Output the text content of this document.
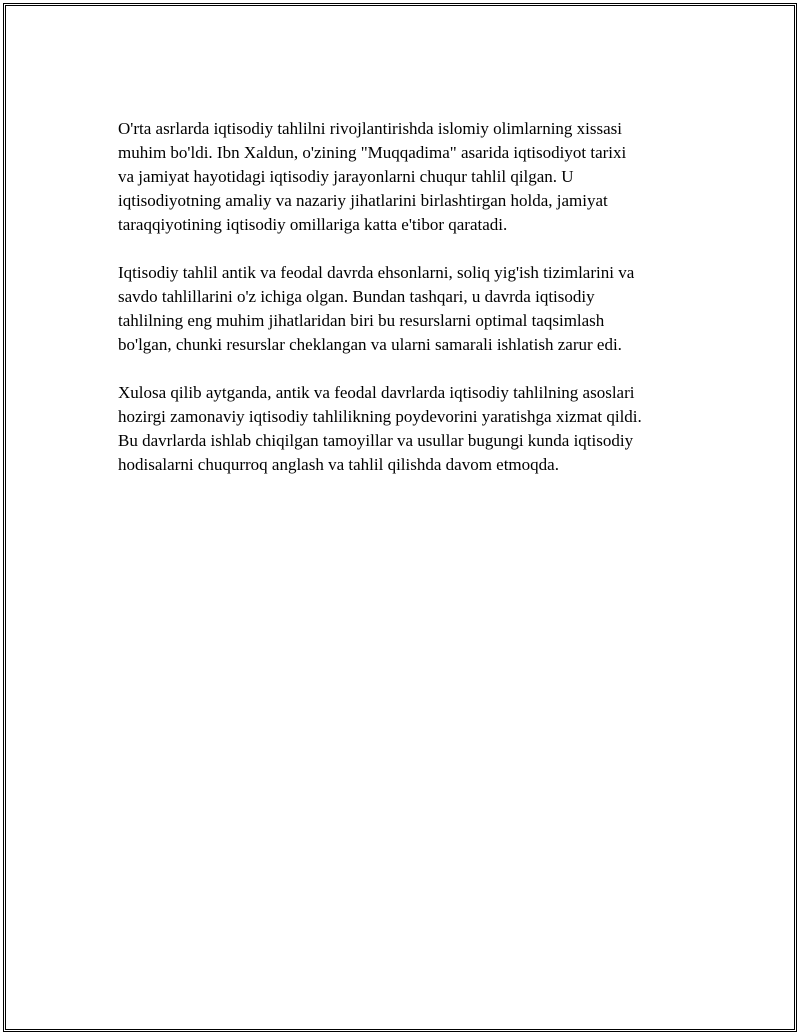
O'rta asrlarda iqtisodiy tahlilni rivojlantirishda islomiy olimlarning xissasi
muhim bo'ldi. Ibn Xaldun, o'zining "Muqqadima" asarida iqtisodiyot tarixi
va jamiyat hayotidagi iqtisodiy jarayonlarni chuqur tahlil qilgan. U
iqtisodiyotning amaliy va nazariy jihatlarini birlashtirgan holda, jamiyat
taraqqiyotining iqtisodiy omillariga katta e'tibor qaratadi.

Iqtisodiy tahlil antik va feodal davrda ehsonlarni, soliq yig'ish tizimlarini va
savdo tahlillarini o'z ichiga olgan. Bundan tashqari, u davrda iqtisodiy
tahlilning eng muhim jihatlaridan biri bu resurslarni optimal taqsimlash
bo'lgan, chunki resurslar cheklangan va ularni samarali ishlatish zarur edi.

Xulosa qilib aytganda, antik va feodal davrlarda iqtisodiy tahlilning asoslari
hozirgi zamonaviy iqtisodiy tahlilikning poydevorini yaratishga xizmat qildi.
Bu davrlarda ishlab chiqilgan tamoyillar va usullar bugungi kunda iqtisodiy
hodisalarni chuqurroq anglash va tahlil qilishda davom etmoqda.
